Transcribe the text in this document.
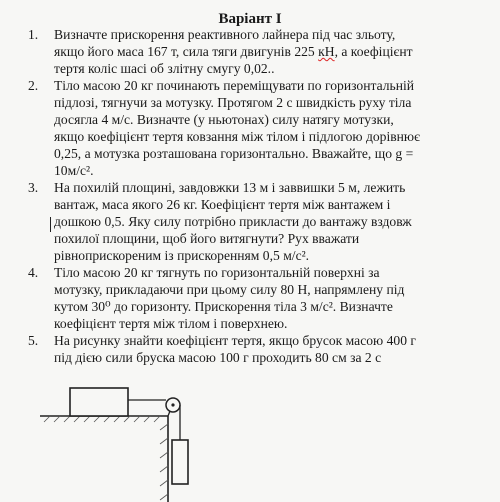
Варіант І
1. Визначте прискорення реактивного лайнера під час зльоту,
якщо його маса 167 т, сила тяги двигунів 225 кН, а коефіцієнт
тертя коліс шасі об злітну смугу 0,02..
2. Тіло масою 20 кг починають переміщувати по горизонтальній
підлозі, тягнучи за мотузку. Протягом 2 с швидкість руху тіла
досягла 4 м/с. Визначте (у ньютонах) силу натягу мотузки,
якщо коефіцієнт тертя ковзання між тілом і підлогою дорівнює
0,25, а мотузка розташована горизонтально. Вважайте, що g =
10м/с².
3. На похилій площині, завдовжки 13 м і заввишки 5 м, лежить
вантаж, маса якого 26 кг. Коефіцієнт тертя між вантажем і
дошкою 0,5. Яку силу потрібно прикласти до вантажу вздовж
похилої площини, щоб його витягнути? Рух вважати
рівноприскореним із прискоренням 0,5 м/с².
4. Тіло масою 20 кг тягнуть по горизонтальній поверхні за
мотузку, прикладаючи при цьому силу 80 Н, напрямлену під
кутом 30⁰ до горизонту. Прискорення тіла 3 м/с². Визначте
коефіцієнт тертя між тілом і поверхнею.
5. На рисунку знайти коефіцієнт тертя, якщо брусок масою 400 г
під дією сили бруска масою 100 г проходить 80 см за 2 с
